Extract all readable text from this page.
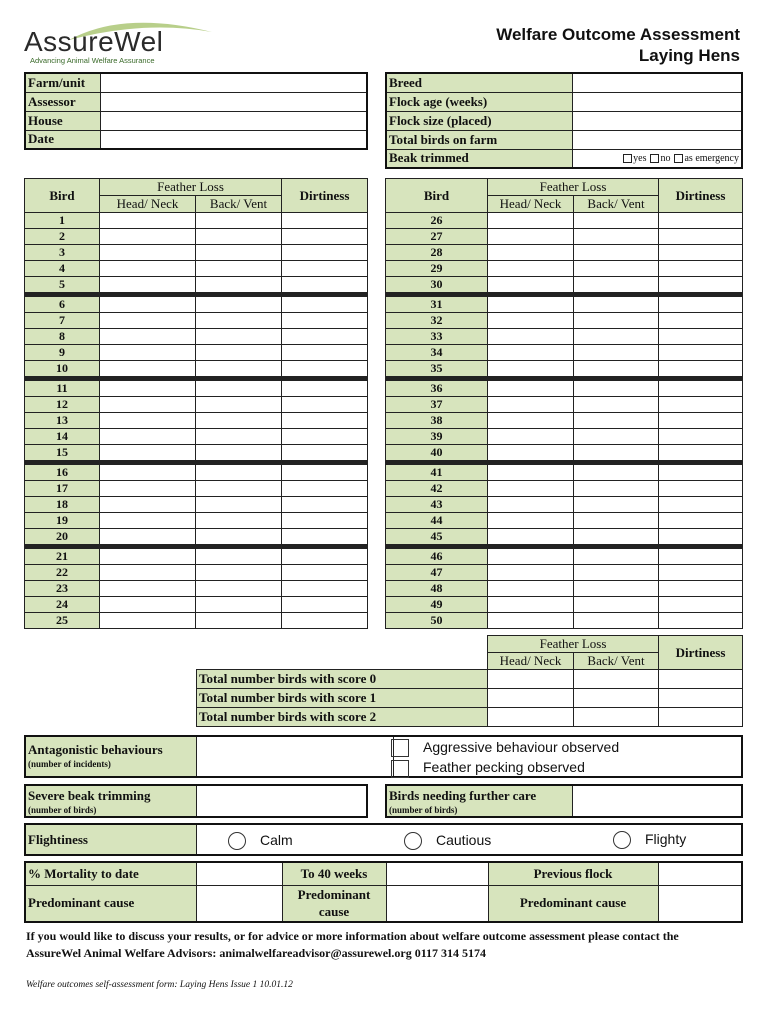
AssureWel
Advancing Animal Welfare Assurance
Welfare Outcome Assessment
Laying Hens
Farm/unit	
Assessor	
House	
Date	
Breed	
Flock age (weeks)	
Flock size (placed)	
Total birds on farm	
Beak trimmed	yes no as emergency
Bird	Feather Loss		Dirtiness
	Head/ Neck	Back/ Vent	
1			
2			
3			
4			
5			
6			
7			
8			
9			
10			
11			
12			
13			
14			
15			
16			
17			
18			
19			
20			
21			
22			
23			
24			
25			
Bird	Feather Loss		Dirtiness
	Head/ Neck	Back/ Vent	
26			
27			
28			
29			
30			
31			
32			
33			
34			
35			
36			
37			
38			
39			
40			
41			
42			
43			
44			
45			
46			
47			
48			
49			
50			
	Feather Loss		Dirtiness
	Head/ Neck	Back/ Vent	
Total number birds with score 0			
Total number birds with score 1			
Total number birds with score 2			
Antagonistic behaviours
(number of incidents)
Aggressive behaviour observed
Feather pecking observed
Severe beak trimming
(number of birds)
Birds needing further care
(number of birds)
Flightiness	Calm	Cautious	Flighty
% Mortality to date		To 40 weeks		Previous flock	
Predominant cause		Predominant cause		Predominant cause	
If you would like to discuss your results, or for advice or more information about welfare outcome assessment please contact the
AssureWel Animal Welfare Advisors: animalwelfareadvisor@assurewel.org 0117 314 5174
Welfare outcomes self-assessment form: Laying Hens Issue 1 10.01.12
